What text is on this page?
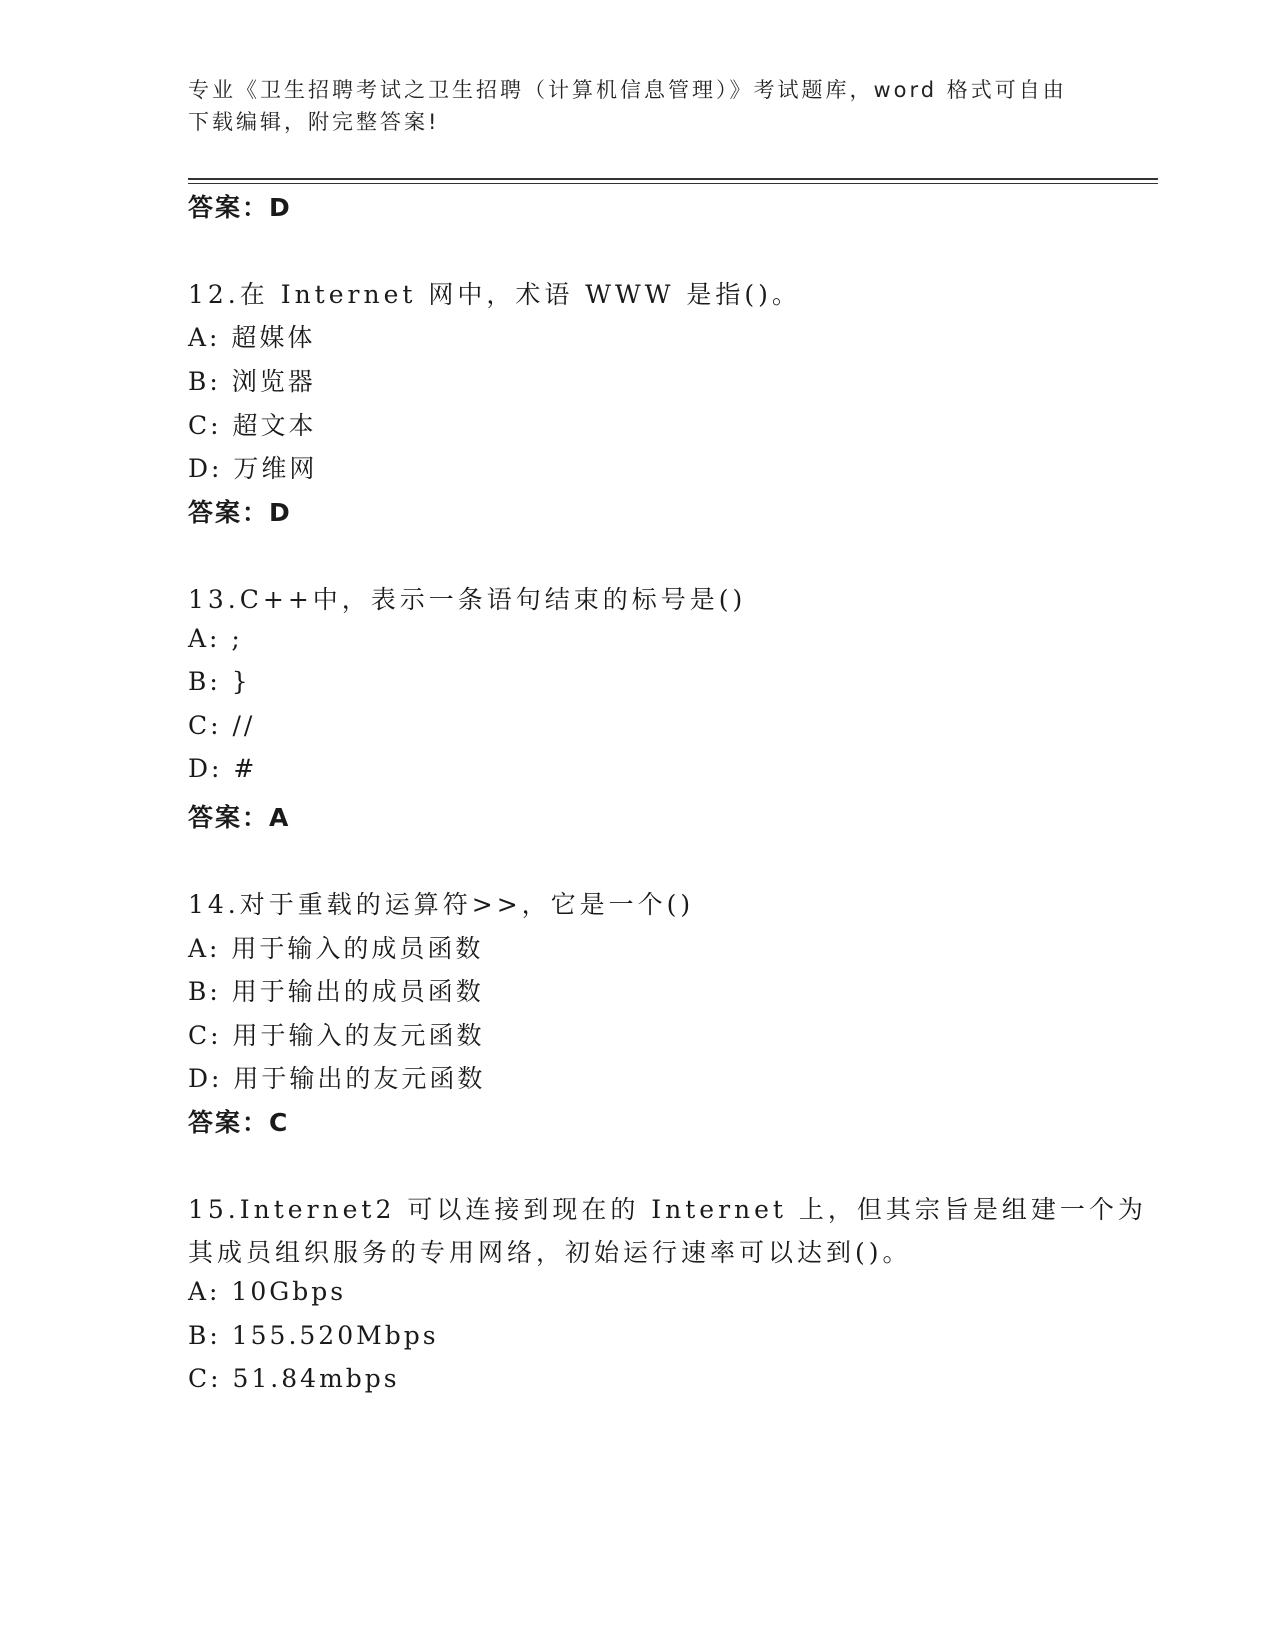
专业《卫生招聘考试之卫生招聘（计算机信息管理）》考试题库，word 格式可自由下载编辑，附完整答案!
答案：D
12.在 Internet 网中，术语 WWW 是指()。
A: 超媒体
B: 浏览器
C: 超文本
D: 万维网
答案：D
13.C++中，表示一条语句结束的标号是()
A: ;
B: }
C: //
D: #
答案：A
14.对于重载的运算符>>，它是一个()
A: 用于输入的成员函数
B: 用于输出的成员函数
C: 用于输入的友元函数
D: 用于输出的友元函数
答案：C
15.Internet2 可以连接到现在的 Internet 上，但其宗旨是组建一个为
其成员组织服务的专用网络，初始运行速率可以达到()。
A: 10Gbps
B: 155.520Mbps
C: 51.84mbps
